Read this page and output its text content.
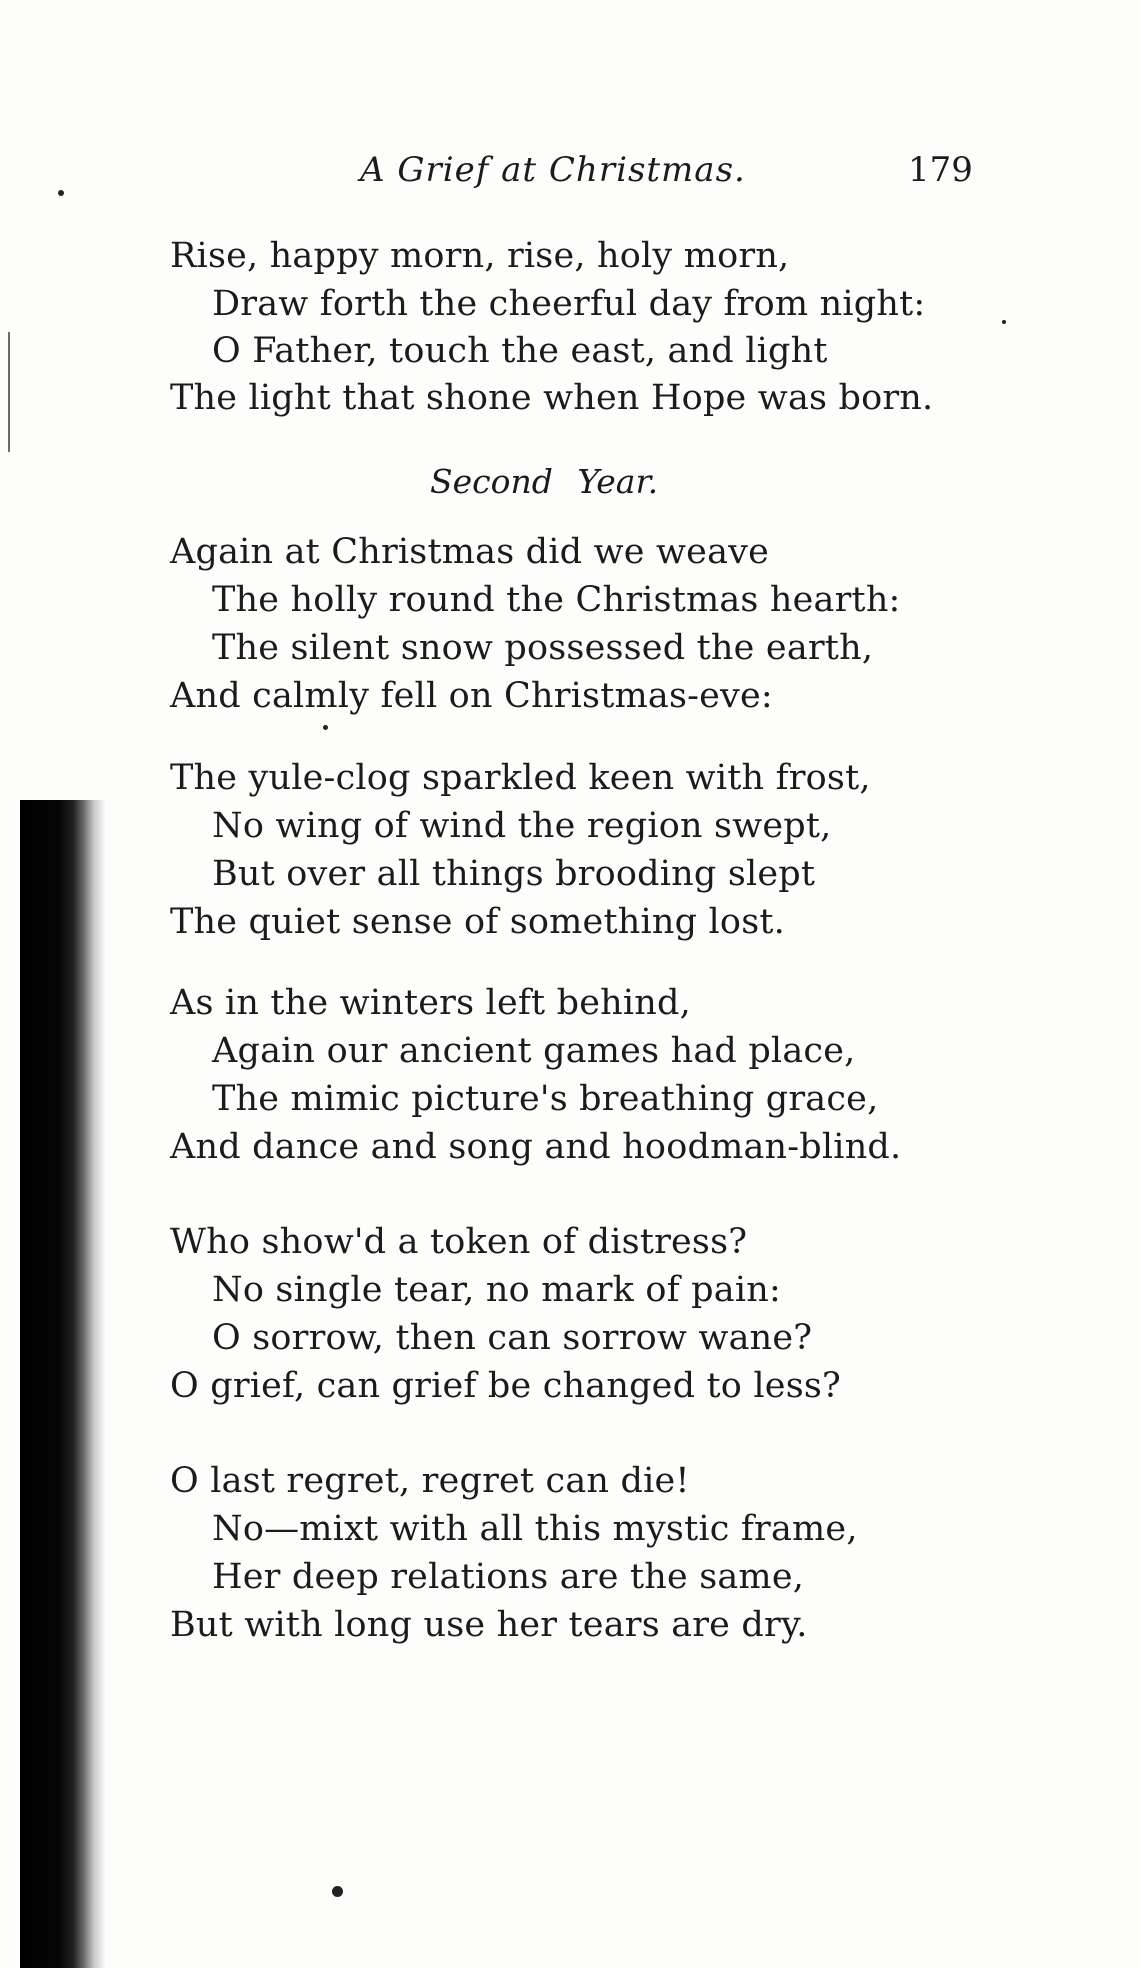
A Grief at Christmas.	179
Rise, happy morn, rise, holy morn,
Draw forth the cheerful day from night:
O Father, touch the east, and light
The light that shone when Hope was born.
Second Year.
Again at Christmas did we weave
The holly round the Christmas hearth:
The silent snow possessed the earth,
And calmly fell on Christmas-eve:
The yule-clog sparkled keen with frost,
No wing of wind the region swept,
But over all things brooding slept
The quiet sense of something lost.
As in the winters left behind,
Again our ancient games had place,
The mimic picture's breathing grace,
And dance and song and hoodman-blind.
Who show'd a token of distress?
No single tear, no mark of pain:
O sorrow, then can sorrow wane?
O grief, can grief be changed to less?
O last regret, regret can die!
No—mixt with all this mystic frame,
Her deep relations are the same,
But with long use her tears are dry.
